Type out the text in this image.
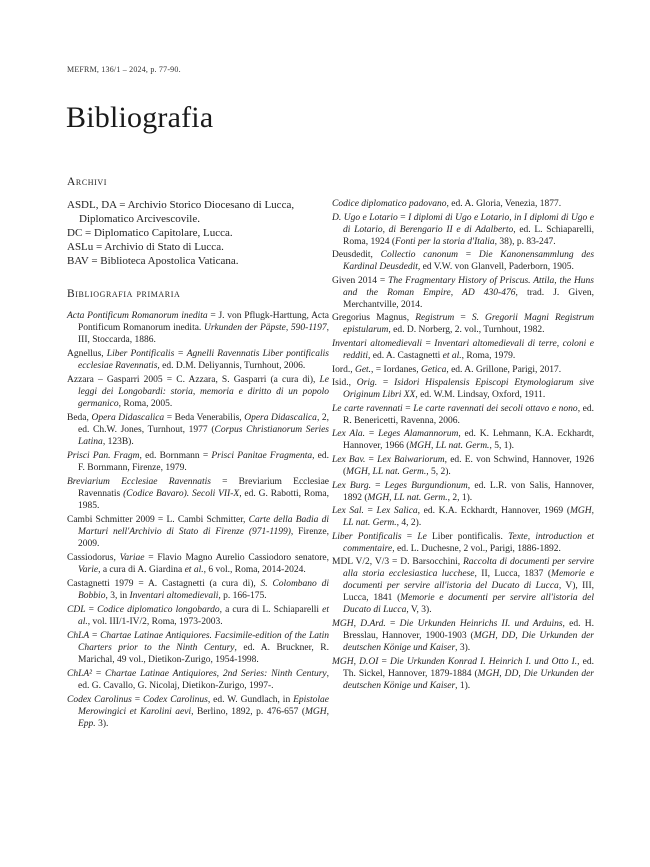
MEFRM, 136/1 – 2024, p. 77-90.
Bibliografia
Archivi

ASDL, DA = Archivio Storico Diocesano di Lucca, Diplomatico Arcivescovile.

DC = Diplomatico Capitolare, Lucca.

ASLu = Archivio di Stato di Lucca.

BAV = Biblioteca Apostolica Vaticana.

Bibliografia primaria

Acta Pontificum Romanorum inedita = J. von Pflugk-Harttung, Acta Pontificum Romanorum inedita. Urkunden der Päpste, 590-1197, III, Stoccarda, 1886.

Agnellus, Liber Pontificalis = Agnelli Ravennatis Liber pontificalis ecclesiae Ravennatis, ed. D.M. Deliyannis, Turnhout, 2006.

Azzara – Gasparri 2005 = C. Azzara, S. Gasparri (a cura di), Le leggi dei Longobardi: storia, memoria e diritto di un popolo germanico, Roma, 2005.

Beda, Opera Didascalica = Beda Venerabilis, Opera Didascalica, 2, ed. Ch.W. Jones, Turnhout, 1977 (Corpus Christianorum Series Latina, 123B).

Prisci Pan. Fragm, ed. Bornmann = Prisci Panitae Fragmenta, ed. F. Bornmann, Firenze, 1979.

Breviarium Ecclesiae Ravennatis = Breviarium Ecclesiae Ravennatis (Codice Bavaro). Secoli VII-X, ed. G. Rabotti, Roma, 1985.

Cambi Schmitter 2009 = L. Cambi Schmitter, Carte della Badia di Marturi nell'Archivio di Stato di Firenze (971-1199), Firenze, 2009.

Cassiodorus, Variae = Flavio Magno Aurelio Cassiodoro senatore, Varie, a cura di A. Giardina et al., 6 vol., Roma, 2014-2024.

Castagnetti 1979 = A. Castagnetti (a cura di), S. Colombano di Bobbio, 3, in Inventari altomedievali, p. 166-175.

CDL = Codice diplomatico longobardo, a cura di L. Schiaparelli et al., vol. III/1-IV/2, Roma, 1973-2003.

ChLA = Chartae Latinae Antiquiores. Facsimile-edition of the Latin Charters prior to the Ninth Century, ed. A. Bruckner, R. Marichal, 49 vol., Dietikon-Zurigo, 1954-1998.

ChLA² = Chartae Latinae Antiquiores, 2nd Series: Ninth Century, ed. G. Cavallo, G. Nicolaj, Dietikon-Zurigo, 1997-.

Codex Carolinus = Codex Carolinus, ed. W. Gundlach, in Epistolae Merowingici et Karolini aevi, Berlino, 1892, p. 476-657 (MGH, Epp. 3).

Codice diplomatico padovano, ed. A. Gloria, Venezia, 1877.

D. Ugo e Lotario = I diplomi di Ugo e Lotario, in I diplomi di Ugo e di Lotario, di Berengario II e di Adalberto, ed. L. Schiaparelli, Roma, 1924 (Fonti per la storia d'Italia, 38), p. 83-247.

Deusdedit, Collectio canonum = Die Kanonensammlung des Kardinal Deusdedit, ed V.W. von Glanvell, Paderborn, 1905.

Given 2014 = The Fragmentary History of Priscus. Attila, the Huns and the Roman Empire, AD 430-476, trad. J. Given, Merchantville, 2014.

Gregorius Magnus, Registrum = S. Gregorii Magni Registrum epistularum, ed. D. Norberg, 2. vol., Turnhout, 1982.

Inventari altomedievali = Inventari altomedievali di terre, coloni e redditi, ed. A. Castagnetti et al., Roma, 1979.

Iord., Get., = Iordanes, Getica, ed. A. Grillone, Parigi, 2017.

Isid., Orig. = Isidori Hispalensis Episcopi Etymologiarum sive Originum Libri XX, ed. W.M. Lindsay, Oxford, 1911.

Le carte ravennati = Le carte ravennati dei secoli ottavo e nono, ed. R. Benericetti, Ravenna, 2006.

Lex Ala. = Leges Alamannorum, ed. K. Lehmann, K.A. Eckhardt, Hannover, 1966 (MGH, LL nat. Germ., 5, 1).

Lex Bav. = Lex Baiwariorum, ed. E. von Schwind, Hannover, 1926 (MGH, LL nat. Germ., 5, 2).

Lex Burg. = Leges Burgundionum, ed. L.R. von Salis, Hannover, 1892 (MGH, LL nat. Germ., 2, 1).

Lex Sal. = Lex Salica, ed. K.A. Eckhardt, Hannover, 1969 (MGH, LL nat. Germ., 4, 2).

Liber Pontificalis = Le Liber pontificalis. Texte, introduction et commentaire, ed. L. Duchesne, 2 vol., Parigi, 1886-1892.

MDL V/2, V/3 = D. Barsocchini, Raccolta di documenti per servire alla storia ecclesiastica lucchese, II, Lucca, 1837 (Memorie e documenti per servire all'istoria del Ducato di Lucca, V), III, Lucca, 1841 (Memorie e documenti per servire all'istoria del Ducato di Lucca, V, 3).

MGH, D.Ard. = Die Urkunden Heinrichs II. und Arduins, ed. H. Bresslau, Hannover, 1900-1903 (MGH, DD, Die Urkunden der deutschen Könige und Kaiser, 3).

MGH, D.OI = Die Urkunden Konrad I. Heinrich I. und Otto I., ed. Th. Sickel, Hannover, 1879-1884 (MGH, DD, Die Urkunden der deutschen Könige und Kaiser, 1).
